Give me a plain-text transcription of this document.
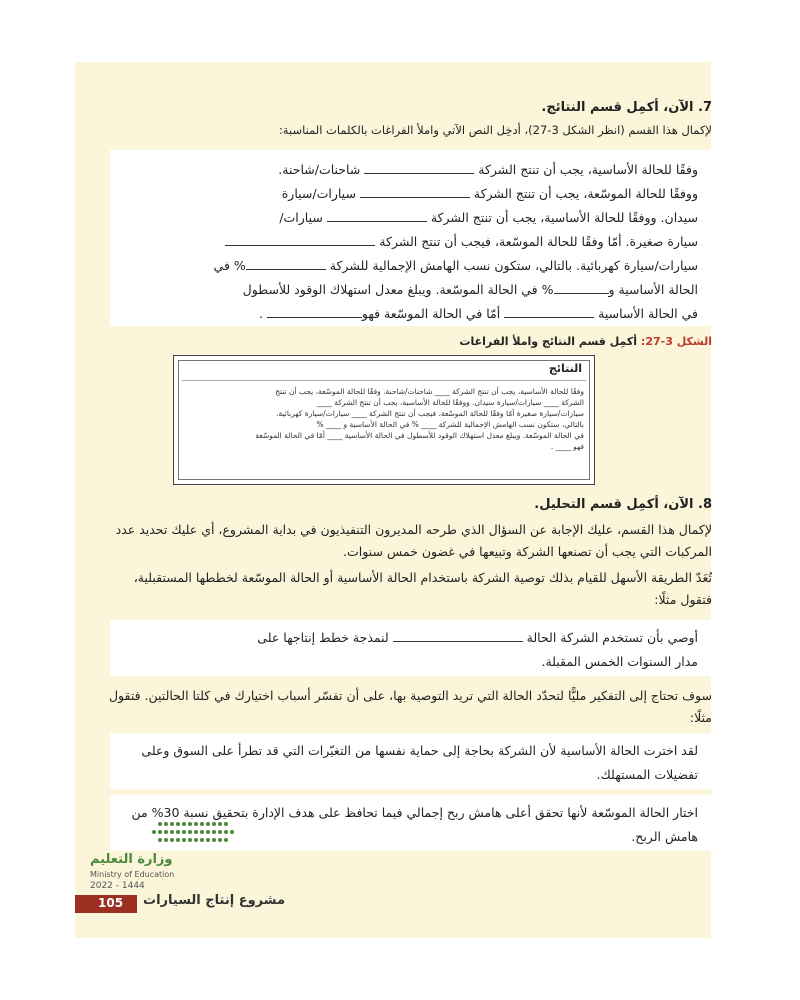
7. الآن، أكمِل قسم النتائج.
لإكمال هذا القسم (انظر الشكل 3-27)، أدخِل النص الآتي واملأ الفراغات بالكلمات المناسبة:

وفقًا للحالة الأساسية، يجب أن تنتج الشركة  شاحنات/شاحنة.

ووفقًا للحالة الموسّعة، يجب أن تنتج الشركة  سيارات/سيارة

سيدان. ووفقًا للحالة الأساسية، يجب أن تنتج الشركة  سيارات/

سيارة صغيرة. أمّا وفقًا للحالة الموسّعة، فيجب أن تنتج الشركة

سيارات/سيارة كهربائية. بالتالي، ستكون نسب الهامش الإجمالية للشركة % في

الحالة الأساسية و% في الحالة الموسّعة. ويبلغ معدل استهلاك الوقود للأسطول

في الحالة الأساسية  أمّا في الحالة الموسّعة فهو .

الشكل 3-27: أكمِل قسم النتائج واملأ الفراغات
النتائج
وفقًا للحالة الأساسية، يجب أن تنتج الشركة ____ شاحنات/شاحنة. وفقًا للحالة الموسّعة، يجب أن تنتج
الشركة ____ سيارات/سيارة سيدان. ووفقًا للحالة الأساسية، يجب أن تنتج الشركة ____
سيارات/سيارة صغيرة أمّا وفقًا للحالة الموسّعة، فيجب أن تنتج الشركة ____ سيارات/سيارة كهربائية.
بالتالي، ستكون نسب الهامش الإجمالية للشركة ____ % في الحالة الأساسية و ____ %
في الحالة الموسّعة. ويبلغ معدل استهلاك الوقود للأسطول في الحالة الأساسية ____ أمّا في الحالة الموسّعة
فهو ____ .
8. الآن، أكمِل قسم التحليل.
لإكمال هذا القسم، عليك الإجابة عن السؤال الذي طرحه المديرون التنفيذيون في بداية المشروع، أي عليك تحديد عدد المركبات التي يجب أن تصنعها الشركة وتبيعها في غضون خمس سنوات.
تُعَدّ الطريقة الأسهل للقيام بذلك توصية الشركة باستخدام الحالة الأساسية أو الحالة الموسّعة لخططها المستقبلية، فتقول مثلًا:

أوصي بأن تستخدم الشركة الحالة  لنمذجة خطط إنتاجها على

مدار السنوات الخمس المقبلة.

سوف تحتاج إلى التفكير مليًّا لتحدّد الحالة التي تريد التوصية بها، على أن تفسّر أسباب اختيارك في كلتا الحالتين. فتقول مثلًا:

لقد اخترت الحالة الأساسية لأن الشركة بحاجة إلى حماية نفسها من التغيّرات التي قد تطرأ على السوق وعلى تفضيلات المستهلك.

اختار الحالة الموسّعة لأنها تحقق أعلى هامش ربح إجمالي فيما تحافظ على هدف الإدارة بتحقيق نسبة 30% من هامش الربح.

وزارة التعليم
Ministry of Education
2022 - 1444
105 مشروع إنتاج السيارات
